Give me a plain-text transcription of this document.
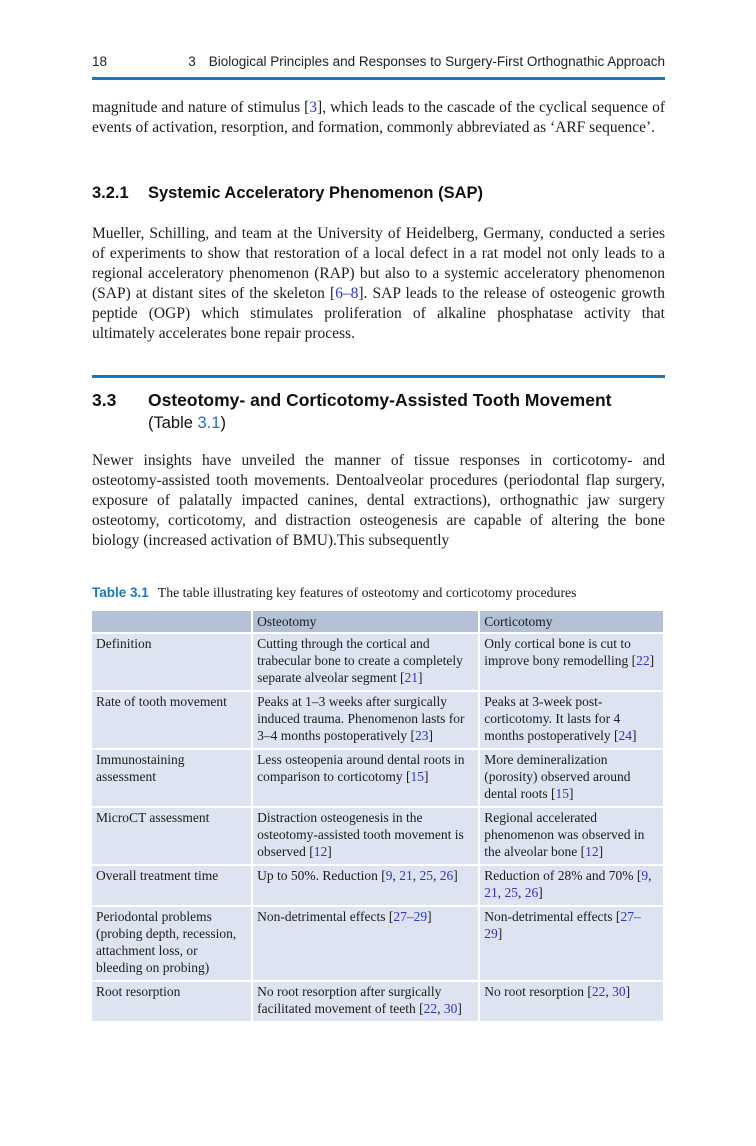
18	3 Biological Principles and Responses to Surgery-First Orthognathic Approach

magnitude and nature of stimulus [3], which leads to the cascade of the cyclical sequence of events of activation, resorption, and formation, commonly abbreviated as ‘ARF sequence’.

3.2.1	Systemic Acceleratory Phenomenon (SAP)

Mueller, Schilling, and team at the University of Heidelberg, Germany, conducted a series of experiments to show that restoration of a local defect in a rat model not only leads to a regional acceleratory phenomenon (RAP) but also to a systemic acceleratory phenomenon (SAP) at distant sites of the skeleton [6–8]. SAP leads to the release of osteogenic growth peptide (OGP) which stimulates proliferation of alkaline phosphatase activity that ultimately accelerates bone repair process.

3.3	Osteotomy- and Corticotomy-Assisted Tooth Movement
(Table 3.1)

Newer insights have unveiled the manner of tissue responses in corticotomy- and osteotomy-assisted tooth movements. Dentoalveolar procedures (periodontal flap surgery, exposure of palatally impacted canines, dental extractions), orthognathic jaw surgery osteotomy, corticotomy, and distraction osteogenesis are capable of altering the bone biology (increased activation of BMU).This subsequently

Table 3.1 The table illustrating key features of osteotomy and corticotomy procedures
	Osteotomy	Corticotomy
Definition	Cutting through the cortical and trabecular bone to create a completely separate alveolar segment [21]	Only cortical bone is cut to improve bony remodelling [22]
Rate of tooth movement	Peaks at 1–3 weeks after surgically induced trauma. Phenomenon lasts for 3–4 months postoperatively [23]	Peaks at 3-week post-corticotomy. It lasts for 4 months postoperatively [24]
Immunostaining assessment	Less osteopenia around dental roots in comparison to corticotomy [15]	More demineralization (porosity) observed around dental roots [15]
MicroCT assessment	Distraction osteogenesis in the osteotomy-assisted tooth movement is observed [12]	Regional accelerated phenomenon was observed in the alveolar bone [12]
Overall treatment time	Up to 50%. Reduction [9, 21, 25, 26]	Reduction of 28% and 70% [9, 21, 25, 26]
Periodontal problems (probing depth, recession, attachment loss, or bleeding on probing)	Non-detrimental effects [27–29]	Non-detrimental effects [27–29]
Root resorption	No root resorption after surgically facilitated movement of teeth [22, 30]	No root resorption [22, 30]
